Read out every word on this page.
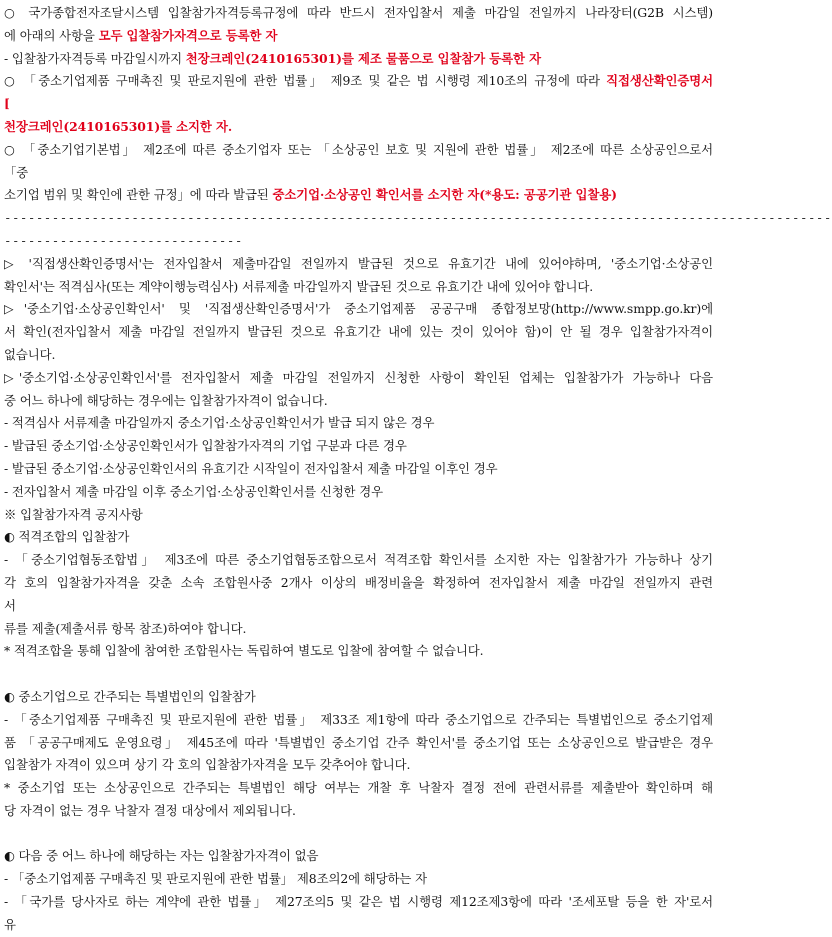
○ 국가종합전자조달시스템 입찰참가자격등록규정에 따라 반드시 전자입찰서 제출 마감일 전일까지 나라장터(G2B 시스템)
에 아래의 사항을 모두 입찰참가자격으로 등록한 자
- 입찰참가자격등록 마감일시까지 천장크레인(2410165301)를 제조 물품으로 입찰참가 등록한 자
○ 「중소기업제품 구매촉진 및 판로지원에 관한 법률」 제9조 및 같은 법 시행령 제10조의 규정에 따라 직접생산확인증명서
[
천장크레인(2410165301)를 소지한 자.
○ 「중소기업기본법」 제2조에 따른 중소기업자 또는 「소상공인 보호 및 지원에 관한 법률」 제2조에 따른 소상공인으로서
「중
소기업 범위 및 확인에 관한 규정」에 따라 발급된 중소기업·소상공인 확인서를 소지한 자(*용도: 공공기관 입찰용)
--------------------------------------------------------------------------------------------------------
------------------------------
▷ '직접생산확인증명서'는 전자입찰서 제출마감일 전일까지 발급된 것으로 유효기간 내에 있어야하며, '중소기업·소상공인
확인서'는 적격심사(또는 계약이행능력심사) 서류제출 마감일까지 발급된 것으로 유효기간 내에 있어야 합니다.
▷'중소기업·소상공인확인서' 및 '직접생산확인증명서'가 중소기업제품 공공구매 종합정보망(http://www.smpp.go.kr)에
서 확인(전자입찰서 제출 마감일 전일까지 발급된 것으로 유효기간 내에 있는 것이 있어야 함)이 안 될 경우 입찰참가자격이
없습니다.
▷'중소기업·소상공인확인서'를 전자입찰서 제출 마감일 전일까지 신청한 사항이 확인된 업체는 입찰참가가 가능하나 다음
중 어느 하나에 해당하는 경우에는 입찰참가자격이 없습니다.
- 적격심사 서류제출 마감일까지 중소기업·소상공인확인서가 발급 되지 않은 경우
- 발급된 중소기업·소상공인확인서가 입찰참가자격의 기업 구분과 다른 경우
- 발급된 중소기업·소상공인확인서의 유효기간 시작일이 전자입찰서 제출 마감일 이후인 경우
- 전자입찰서 제출 마감일 이후 중소기업·소상공인확인서를 신청한 경우
※ 입찰참가자격 공지사항
◐ 적격조합의 입찰참가
- 「중소기업협동조합법」 제3조에 따른 중소기업협동조합으로서 적격조합 확인서를 소지한 자는 입찰참가가 가능하나 상기
각 호의 입찰참가자격을 갖춘 소속 조합원사중 2개사 이상의 배정비율을 확정하여 전자입찰서 제출 마감일 전일까지 관련
서
류를 제출(제출서류 항목 참조)하여야 합니다.
* 적격조합을 통해 입찰에 참여한 조합원사는 독립하여 별도로 입찰에 참여할 수 없습니다.
◐ 중소기업으로 간주되는 특별법인의 입찰참가
- 「중소기업제품 구매촉진 및 판로지원에 관한 법률」 제33조 제1항에 따라 중소기업으로 간주되는 특별법인으로 중소기업제
품 「공공구매제도 운영요령」 제45조에 따라 '특별법인 중소기업 간주 확인서'를 중소기업 또는 소상공인으로 발급받은 경우
입찰참가 자격이 있으며 상기 각 호의 입찰참가자격을 모두 갖추어야 합니다.
* 중소기업 또는 소상공인으로 간주되는 특별법인 해당 여부는 개찰 후 낙찰자 결정 전에 관련서류를 제출받아 확인하며 해
당 자격이 없는 경우 낙찰자 결정 대상에서 제외됩니다.
◐ 다음 중 어느 하나에 해당하는 자는 입찰참가자격이 없음
- 「중소기업제품 구매촉진 및 판로지원에 관한 법률」 제8조의2에 해당하는 자
- 「국가를 당사자로 하는 계약에 관한 법률」 제27조의5 및 같은 법 시행령 제12조제3항에 따라 '조세포탈 등을 한 자'로서
유
